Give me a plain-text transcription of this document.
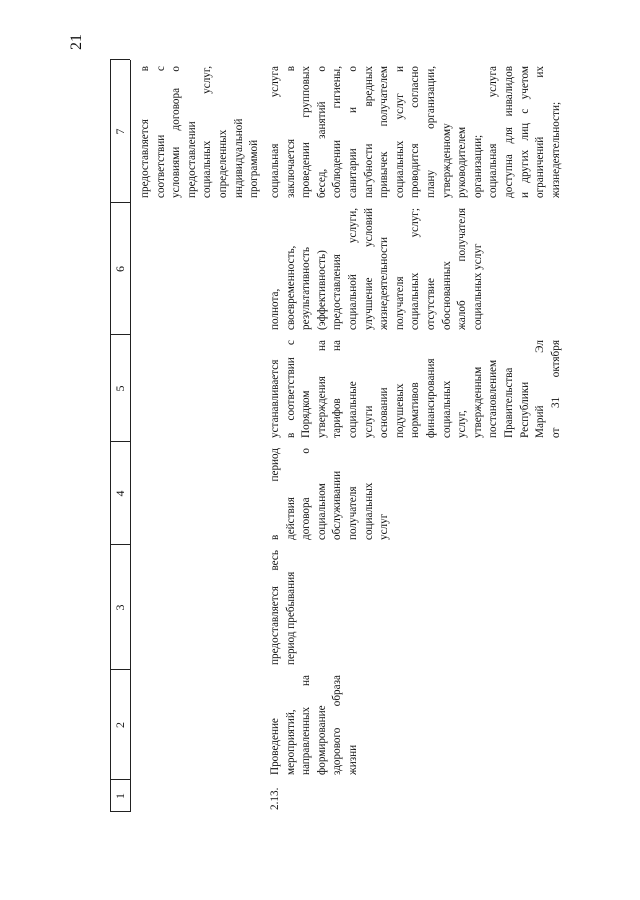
21
1
2
3
4
5
6
7 предоставляется в соответствии с условиями договора о предоставлении социальных услуг, определенных индивидуальной программой
2.13.
Проведение мероприятий, направленных на формирование здорового образа жизни
предоставляется весь период пребывания
в период действия договора о социальном обслуживании получателя социальных услуг
устанавливается в соответствии с Порядком утверждения на тарифов на социальные услуги основании подушевых нормативов финансирования социальных услуг, утвержденным постановлением Правительства Республики Марий Эл от 31 октября
полнота, своевременность, результативность (эффективность) предоставления социальной услуги, улучшение условий жизнедеятельности получателя социальных услуг; отсутствие обоснованных жалоб получателя социальных услуг
социальная услуга заключается в проведении групповых бесед, занятий о соблюдении гигиены, санитарии и о пагубности вредных привычек получателем социальных услуг и проводится согласно плану организации, утвержденному руководителем организации; социальная услуга доступна для инвалидов и других лиц с учетом ограничений их жизнедеятельности;
